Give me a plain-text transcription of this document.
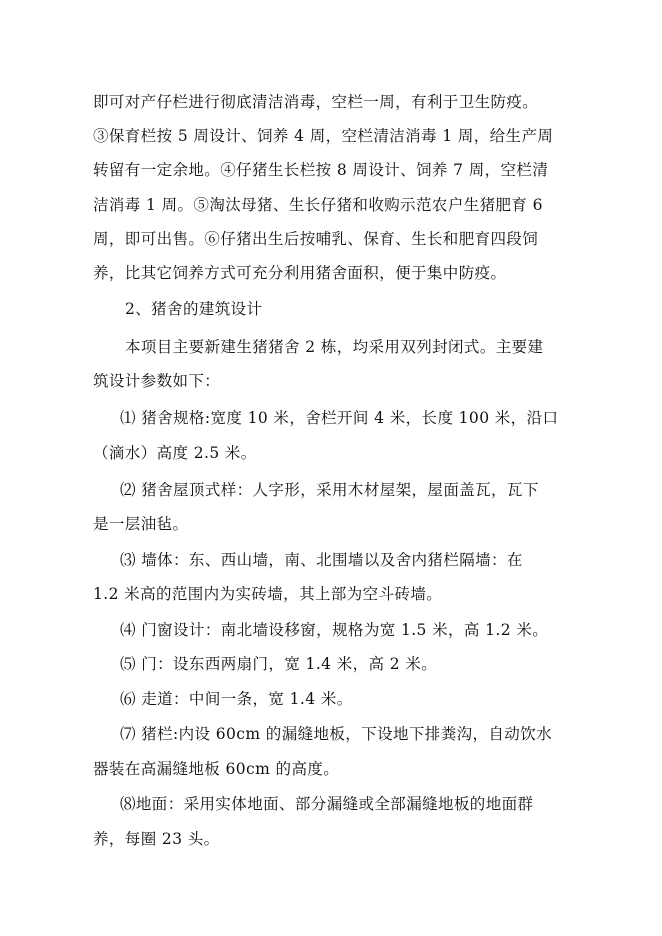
即可对产仔栏进行彻底清洁消毒，空栏一周，有利于卫生防疫。
③保育栏按 5 周设计、饲养 4 周，空栏清洁消毒 1 周，给生产周
转留有一定余地。④仔猪生长栏按 8 周设计、饲养 7 周，空栏清
洁消毒 1 周。⑤淘汰母猪、生长仔猪和收购示范农户生猪肥育 6
周，即可出售。⑥仔猪出生后按哺乳、保育、生长和肥育四段饲
养，比其它饲养方式可充分利用猪舍面积，便于集中防疫。
2、猪舍的建筑设计
本项目主要新建生猪猪舍 2 栋，均采用双列封闭式。主要建
筑设计参数如下：
⑴ 猪舍规格:宽度 10 米，舍栏开间 4 米，长度 100 米，沿口
（滴水）高度 2.5 米。
⑵ 猪舍屋顶式样：人字形，采用木材屋架，屋面盖瓦，瓦下
是一层油毡。
⑶ 墙体：东、西山墙，南、北围墙以及舍内猪栏隔墙：在
1.2 米高的范围内为实砖墙，其上部为空斗砖墙。
⑷ 门窗设计：南北墙设移窗，规格为宽 1.5 米，高 1.2 米。
⑸ 门：设东西两扇门，宽 1.4 米，高 2 米。
⑹ 走道：中间一条，宽 1.4 米。
⑺ 猪栏:内设 60cm 的漏缝地板，下设地下排粪沟，自动饮水
器装在高漏缝地板 60cm 的高度。
⑻地面：采用实体地面、部分漏缝或全部漏缝地板的地面群
养，每圈 23 头。
